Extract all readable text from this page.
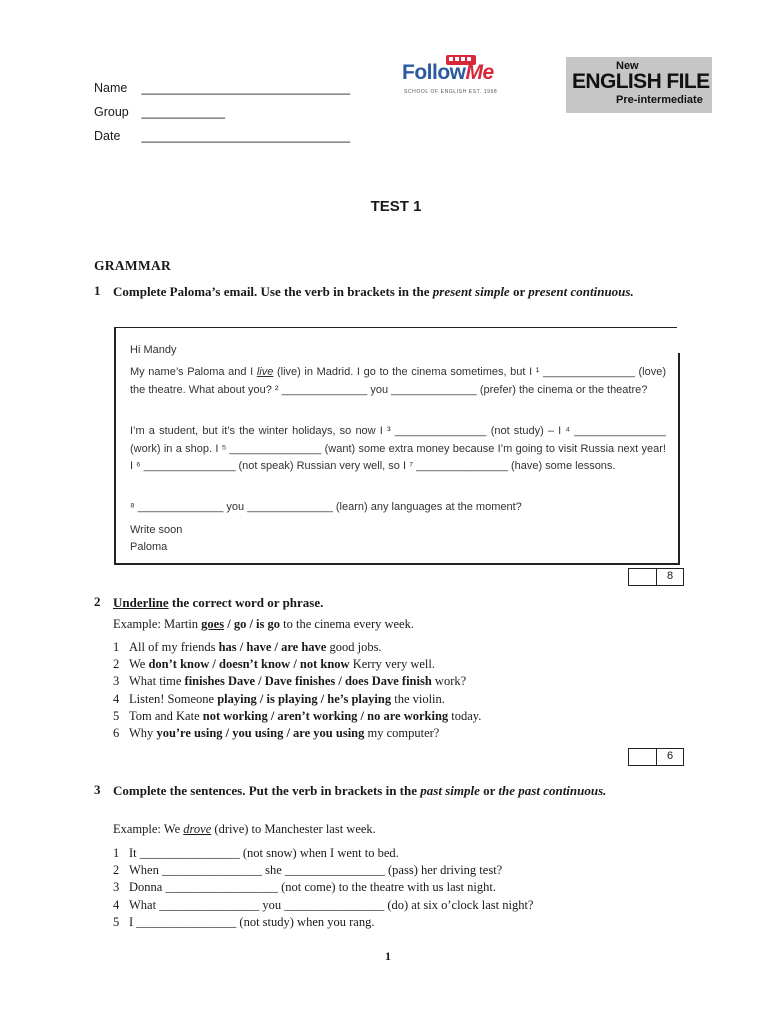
Name ______________________________
Group ____________
Date ______________________________
FollowMe
SCHOOL OF ENGLISH EST. 1998
New
ENGLISH FILE
Pre-intermediate
TEST 1
GRAMMAR
1 Complete Paloma’s email. Use the verb in brackets in the present simple or present continuous.
Hi Mandy
My name’s Paloma and I live (live) in Madrid. I go to the cinema sometimes, but I ¹ _______________ (love) the theatre. What about you? ² ______________ you ______________ (prefer) the cinema or the theatre?
I’m a student, but it’s the winter holidays, so now I ³ _______________ (not study) – I ⁴ _______________ (work) in a shop. I ⁵ _______________ (want) some extra money because I’m going to visit Russia next year! I ⁶ _______________ (not speak) Russian very well, so I ⁷ _______________ (have) some lessons.
⁸ ______________ you ______________ (learn) any languages at the moment?
Write soon
Paloma
8
2 Underline the correct word or phrase.
Example: Martin goes / go / is go to the cinema every week.
1 All of my friends has / have / are have good jobs.
2 We don’t know / doesn’t know / not know Kerry very well.
3 What time finishes Dave / Dave finishes / does Dave finish work?
4 Listen! Someone playing / is playing / he’s playing the violin.
5 Tom and Kate not working / aren’t working / no are working today.
6 Why you’re using / you using / are you using my computer?
6
3 Complete the sentences. Put the verb in brackets in the past simple or the past continuous.
Example: We drove (drive) to Manchester last week.
1 It ________________ (not snow) when I went to bed.
2 When ________________ she ________________ (pass) her driving test?
3 Donna __________________ (not come) to the theatre with us last night.
4 What ________________ you ________________ (do) at six o’clock last night?
5 I ________________ (not study) when you rang.
1
